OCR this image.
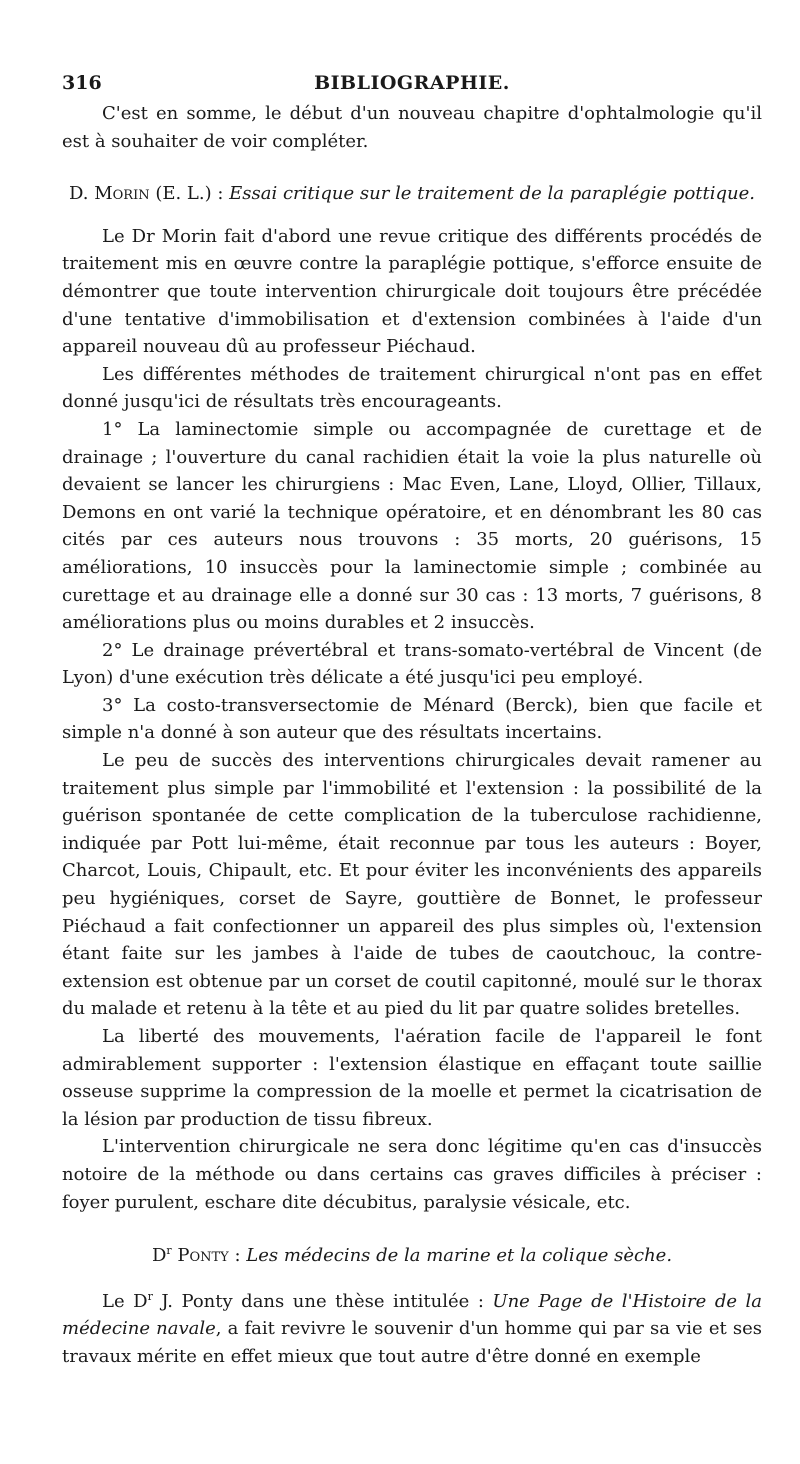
316	BIBLIOGRAPHIE.

C'est en somme, le début d'un nouveau chapitre d'ophtalmologie qu'il est à souhaiter de voir compléter.

D. Morin (E. L.) : Essai critique sur le traitement de la paraplégie pottique.

Le Dr Morin fait d'abord une revue critique des différents procédés de traitement mis en œuvre contre la paraplégie pottique, s'efforce ensuite de démontrer que toute intervention chirurgicale doit toujours être précédée d'une tentative d'immobilisation et d'extension combinées à l'aide d'un appareil nouveau dû au professeur Piéchaud.

Les différentes méthodes de traitement chirurgical n'ont pas en effet donné jusqu'ici de résultats très encourageants.

1° La laminectomie simple ou accompagnée de curettage et de drainage ; l'ouverture du canal rachidien était la voie la plus naturelle où devaient se lancer les chirurgiens : Mac Even, Lane, Lloyd, Ollier, Tillaux, Demons en ont varié la technique opératoire, et en dénombrant les 80 cas cités par ces auteurs nous trouvons : 35 morts, 20 guérisons, 15 améliorations, 10 insuccès pour la laminectomie simple ; combinée au curettage et au drainage elle a donné sur 30 cas : 13 morts, 7 guérisons, 8 améliorations plus ou moins durables et 2 insuccès.

2° Le drainage prévertébral et trans-somato-vertébral de Vincent (de Lyon) d'une exécution très délicate a été jusqu'ici peu employé.

3° La costo-transversectomie de Ménard (Berck), bien que facile et simple n'a donné à son auteur que des résultats incertains.

Le peu de succès des interventions chirurgicales devait ramener au traitement plus simple par l'immobilité et l'extension : la possibilité de la guérison spontanée de cette complication de la tuberculose rachidienne, indiquée par Pott lui-même, était reconnue par tous les auteurs : Boyer, Charcot, Louis, Chipault, etc. Et pour éviter les inconvénients des appareils peu hygiéniques, corset de Sayre, gouttière de Bonnet, le professeur Piéchaud a fait confectionner un appareil des plus simples où, l'extension étant faite sur les jambes à l'aide de tubes de caoutchouc, la contre-extension est obtenue par un corset de coutil capitonné, moulé sur le thorax du malade et retenu à la tête et au pied du lit par quatre solides bretelles.

La liberté des mouvements, l'aération facile de l'appareil le font admirablement supporter : l'extension élastique en effaçant toute saillie osseuse supprime la compression de la moelle et permet la cicatrisation de la lésion par production de tissu fibreux.

L'intervention chirurgicale ne sera donc légitime qu'en cas d'insuccès notoire de la méthode ou dans certains cas graves difficiles à préciser : foyer purulent, eschare dite décubitus, paralysie vésicale, etc.

$D^r$ Ponty : Les médecins de la marine et la colique sèche.

Le $D^r$ J. Ponty dans une thèse intitulée : Une Page de l'Histoire de la médecine navale, a fait revivre le souvenir d'un homme qui par sa vie et ses travaux mérite en effet mieux que tout autre d'être donné en exemple
